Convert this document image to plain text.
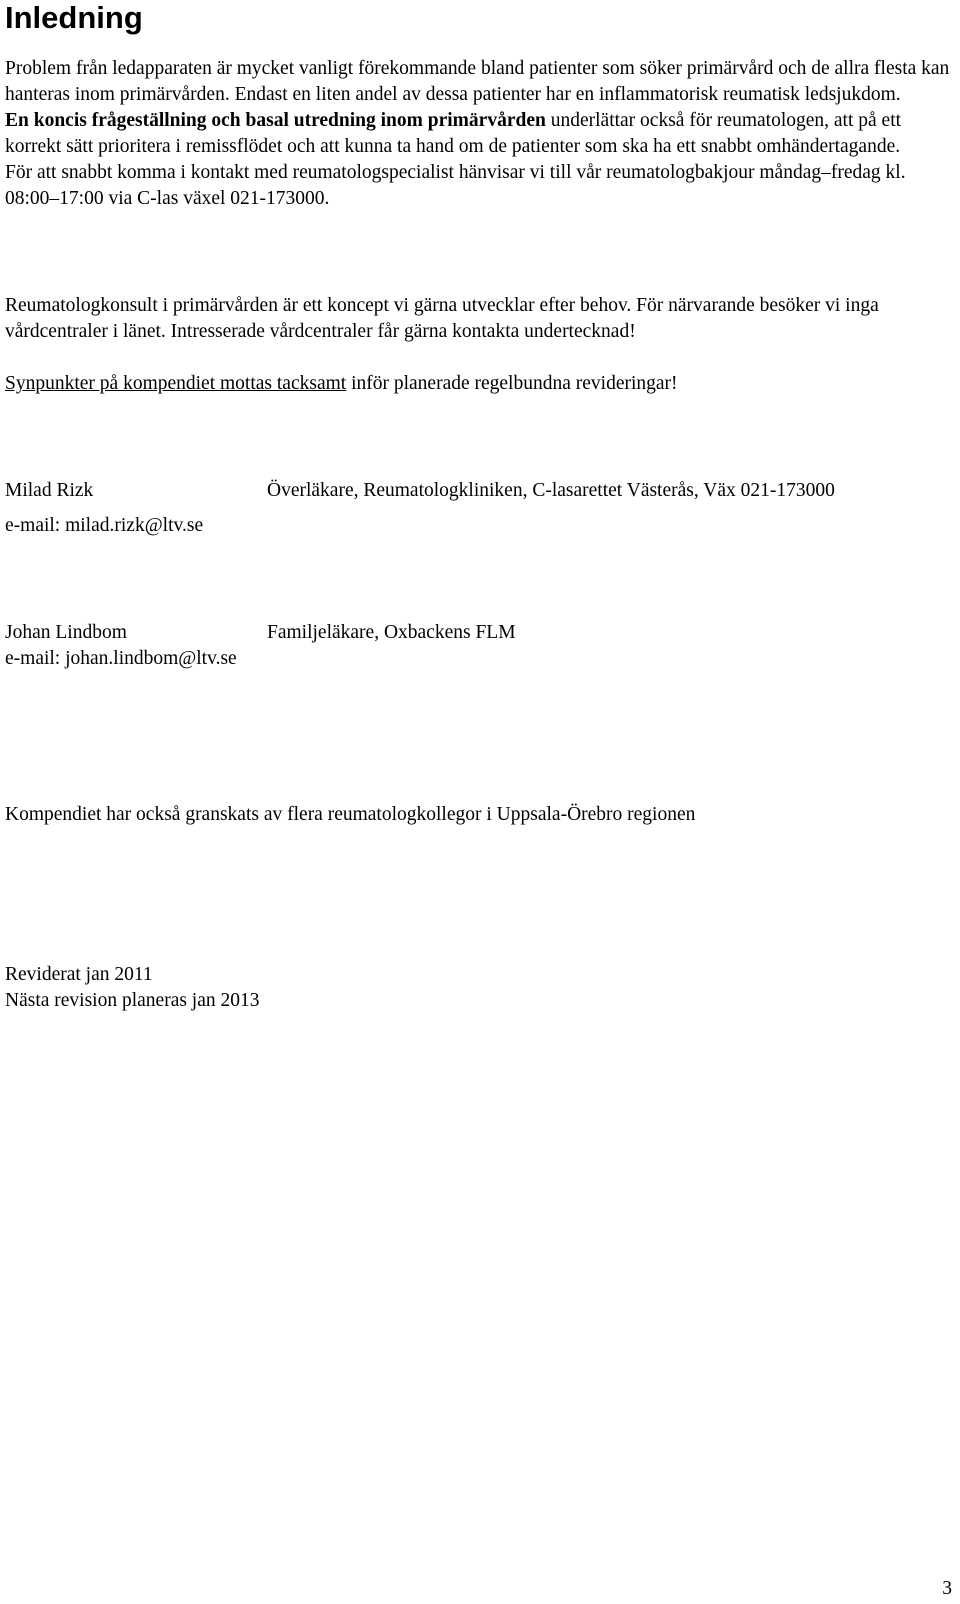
Inledning
Problem från ledapparaten är mycket vanligt förekommande bland patienter som söker primärvård och de allra flesta kan hanteras inom primärvården. Endast en liten andel av dessa patienter har en inflammatorisk reumatisk ledsjukdom.
En koncis frågeställning och basal utredning inom primärvården underlättar också för reumatologen, att på ett korrekt sätt prioritera i remissflödet och att kunna ta hand om de patienter som ska ha ett snabbt omhändertagande.
För att snabbt komma i kontakt med reumatologspecialist hänvisar vi till vår reumatologbakjour måndag–fredag kl. 08:00–17:00 via C-las växel 021-173000.

Reumatologkonsult i primärvården är ett koncept vi gärna utvecklar efter behov. För närvarande besöker vi inga vårdcentraler i länet. Intresserade vårdcentraler får gärna kontakta undertecknad!

Synpunkter på kompendiet mottas tacksamt inför planerade regelbundna revideringar!

Milad Rizk	Överläkare, Reumatologkliniken, C-lasarettet Västerås, Väx 021-173000
e-mail: milad.rizk@ltv.se
Johan Lindbom	Familjeläkare, Oxbackens FLM
e-mail: johan.lindbom@ltv.se

Kompendiet har också granskats av flera reumatologkollegor i Uppsala-Örebro regionen

Reviderat jan 2011
Nästa revision planeras jan 2013
3
